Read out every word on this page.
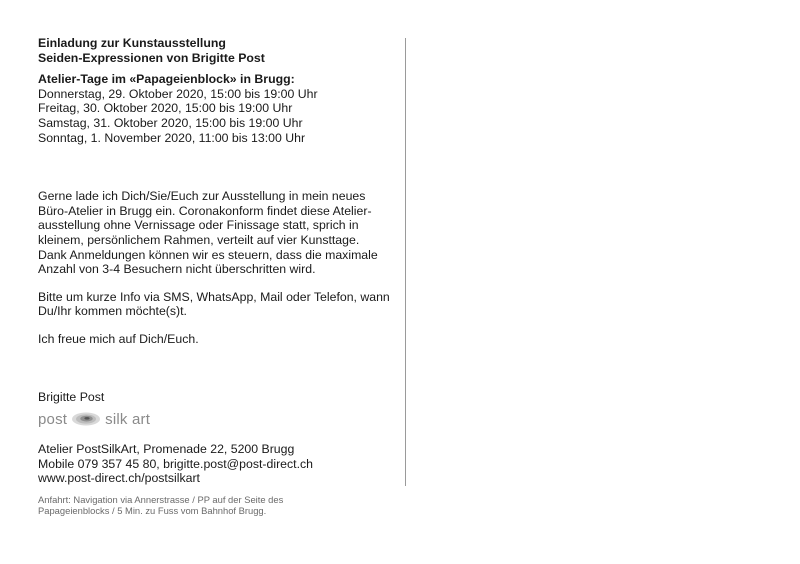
Einladung zur Kunstausstellung
Seiden-Expressionen von Brigitte Post
Atelier-Tage im «Papageienblock» in Brugg:
Donnerstag, 29. Oktober 2020, 15:00 bis 19:00 Uhr
Freitag, 30. Oktober 2020, 15:00 bis 19:00 Uhr
Samstag, 31. Oktober 2020, 15:00 bis 19:00 Uhr
Sonntag, 1. November 2020, 11:00 bis 13:00 Uhr
Gerne lade ich Dich/Sie/Euch zur Ausstellung in mein neues
Büro-Atelier in Brugg ein. Coronakonform findet diese Atelier-
ausstellung ohne Vernissage oder Finissage statt, sprich in
kleinem, persönlichem Rahmen, verteilt auf vier Kunsttage.
Dank Anmeldungen können wir es steuern, dass die maximale
Anzahl von 3-4 Besuchern nicht überschritten wird.
Bitte um kurze Info via SMS, WhatsApp, Mail oder Telefon, wann
Du/Ihr kommen möchte(s)t.
Ich freue mich auf Dich/Euch.
Brigitte Post
post	silk art
Atelier PostSilkArt, Promenade 22, 5200 Brugg
Mobile 079 357 45 80, brigitte.post@post-direct.ch
www.post-direct.ch/postsilkart
Anfahrt: Navigation via Annerstrasse / PP auf der Seite des
Papageienblocks / 5 Min. zu Fuss vom Bahnhof Brugg.
